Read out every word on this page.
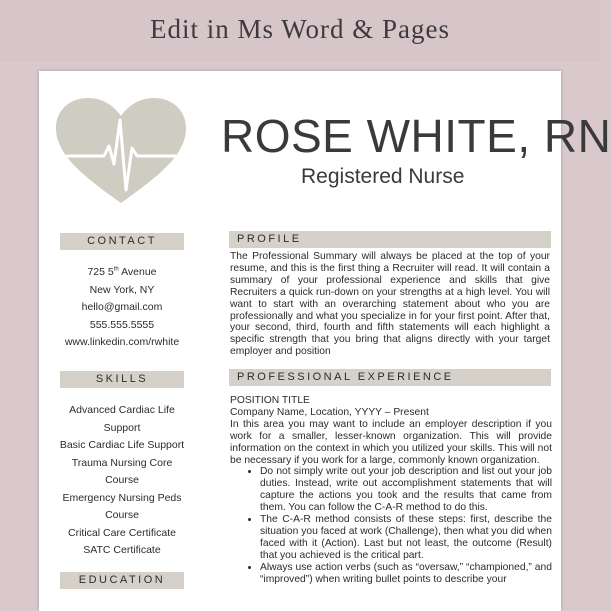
Edit in Ms Word & Pages
ROSE WHITE, RN
Registered Nurse
CONTACT
725 5th Avenue
New York, NY
hello@gmail.com
555.555.5555
www.linkedin.com/rwhite
SKILLS
Advanced Cardiac Life
Support
Basic Cardiac Life Support
Trauma Nursing Core
Course
Emergency Nursing Peds
Course
Critical Care Certificate
SATC Certificate
EDUCATION
PROFILE
The Professional Summary will always be placed at the top of your resume, and this is the first thing a Recruiter will read. It will contain a summary of your professional experience and skills that give Recruiters a quick run-down on your strengths at a high level. You will want to start with an overarching statement about who you are professionally and what you specialize in for your first point. After that, your second, third, fourth and fifth statements will each highlight a specific strength that you bring that aligns directly with your target employer and position
PROFESSIONAL EXPERIENCE
POSITION TITLE
Company Name, Location, YYYY – Present
In this area you may want to include an employer description if you work for a smaller, lesser-known organization. This will provide information on the context in which you utilized your skills. This will not be necessary if you work for a large, commonly known organization.
• Do not simply write out your job description and list out your job duties. Instead, write out accomplishment statements that will capture the actions you took and the results that came from them. You can follow the C-A-R method to do this.
• The C-A-R method consists of these steps: first, describe the situation you faced at work (Challenge), then what you did when faced with it (Action). Last but not least, the outcome (Result) that you achieved is the critical part.
• Always use action verbs (such as “oversaw,” “championed,” and “improved”) when writing bullet points to describe your
